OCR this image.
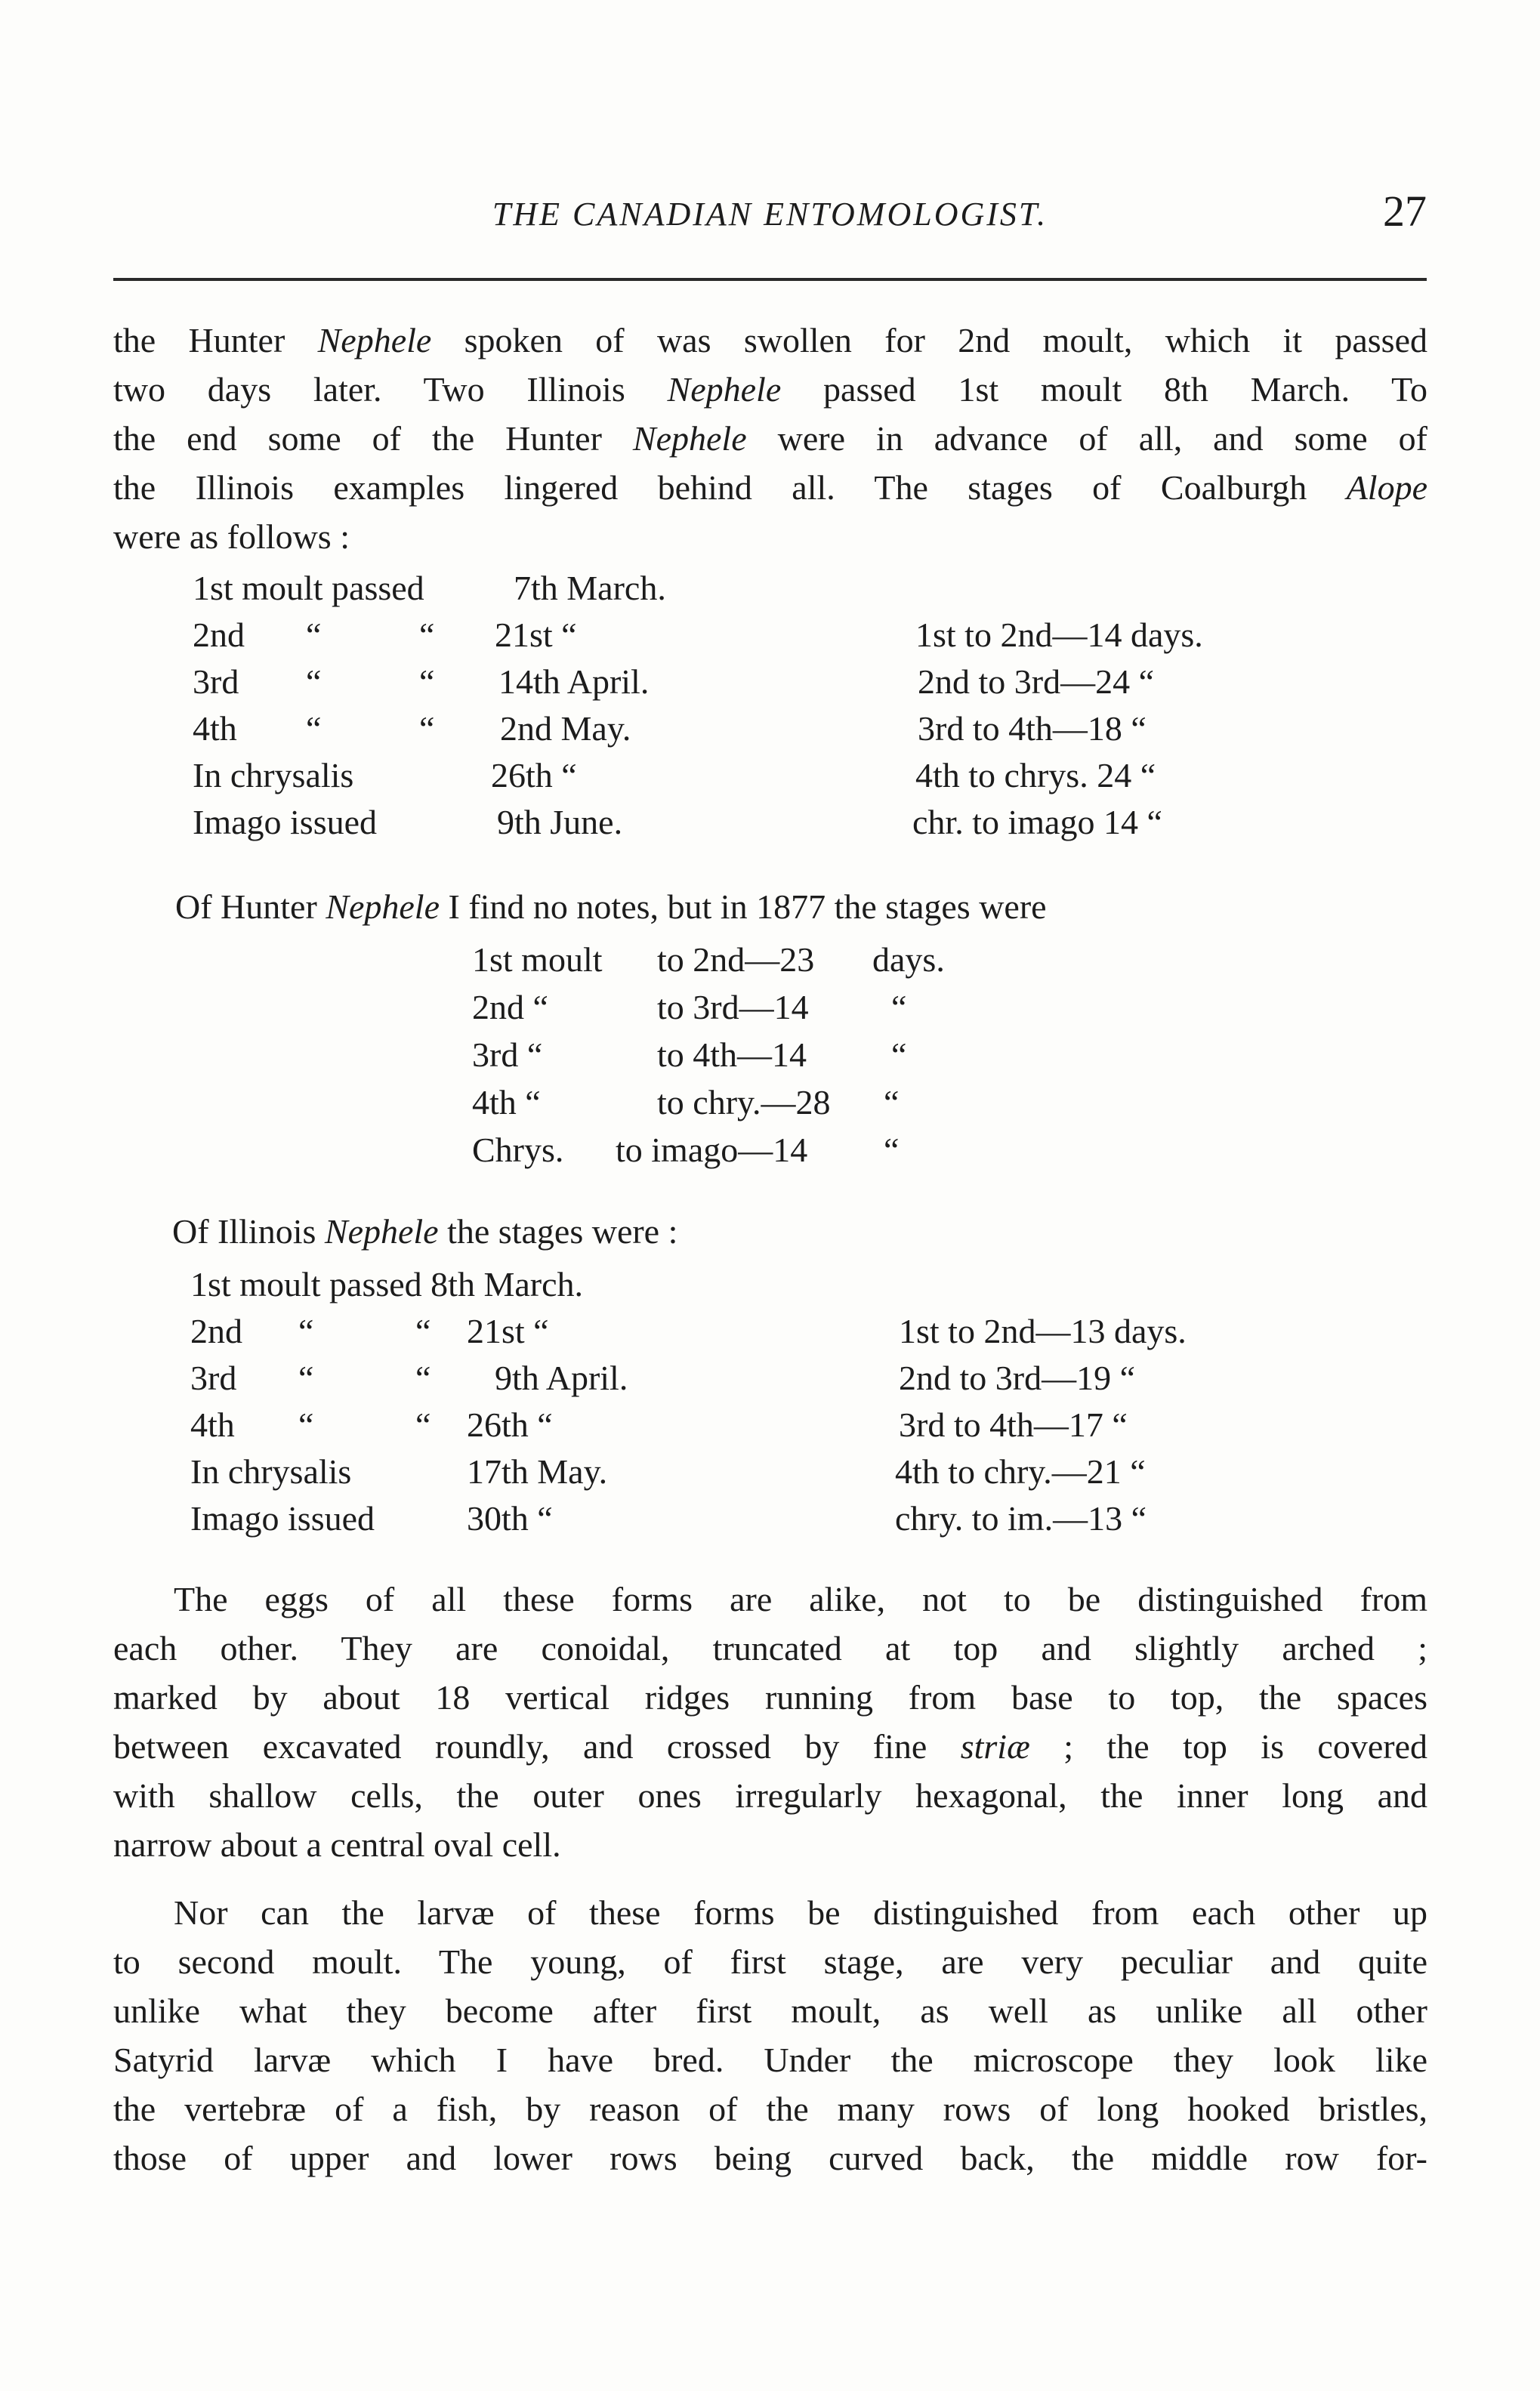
THE CANADIAN ENTOMOLOGIST.	27
the Hunter Nephele spoken of was swollen for 2nd moult, which it passed
two days later. Two Illinois Nephele passed 1st moult 8th March. To
the end some of the Hunter Nephele were in advance of all, and some of
the Illinois examples lingered behind all. The stages of Coalburgh Alope
were as follows :
1st moult passed	7th March.
2nd “	“ 21st “	1st to 2nd—14 days.
3rd “	“ 14th April.	2nd to 3rd—24 “
4th “	“ 2nd May.	3rd to 4th—18 “
In chrysalis	26th “	4th to chrys. 24 “
Imago issued	9th June.	chr. to imago 14 “
Of Hunter Nephele I find no notes, but in 1877 the stages were
1st moult to 2nd—23 days.
2nd “	to 3rd—14 “
3rd “	to 4th—14 “
4th “	to chry.—28 “
Chrys. to imago—14 “
Of Illinois Nephele the stages were :
1st moult passed 8th March.
2nd “	“ 21st “	1st to 2nd—13 days.
3rd “	“ 9th April.	2nd to 3rd—19 “
4th “	“ 26th “	3rd to 4th—17 “
In chrysalis	17th May.	4th to chry.—21 “
Imago issued	30th “	chry. to im.—13 “
The eggs of all these forms are alike, not to be distinguished from
each other. They are conoidal, truncated at top and slightly arched ;
marked by about 18 vertical ridges running from base to top, the spaces
between excavated roundly, and crossed by fine striæ ; the top is covered
with shallow cells, the outer ones irregularly hexagonal, the inner long and
narrow about a central oval cell.
Nor can the larvæ of these forms be distinguished from each other up
to second moult. The young, of first stage, are very peculiar and quite
unlike what they become after first moult, as well as unlike all other
Satyrid larvæ which I have bred. Under the microscope they look like
the vertebræ of a fish, by reason of the many rows of long hooked bristles,
those of upper and lower rows being curved back, the middle row for-
